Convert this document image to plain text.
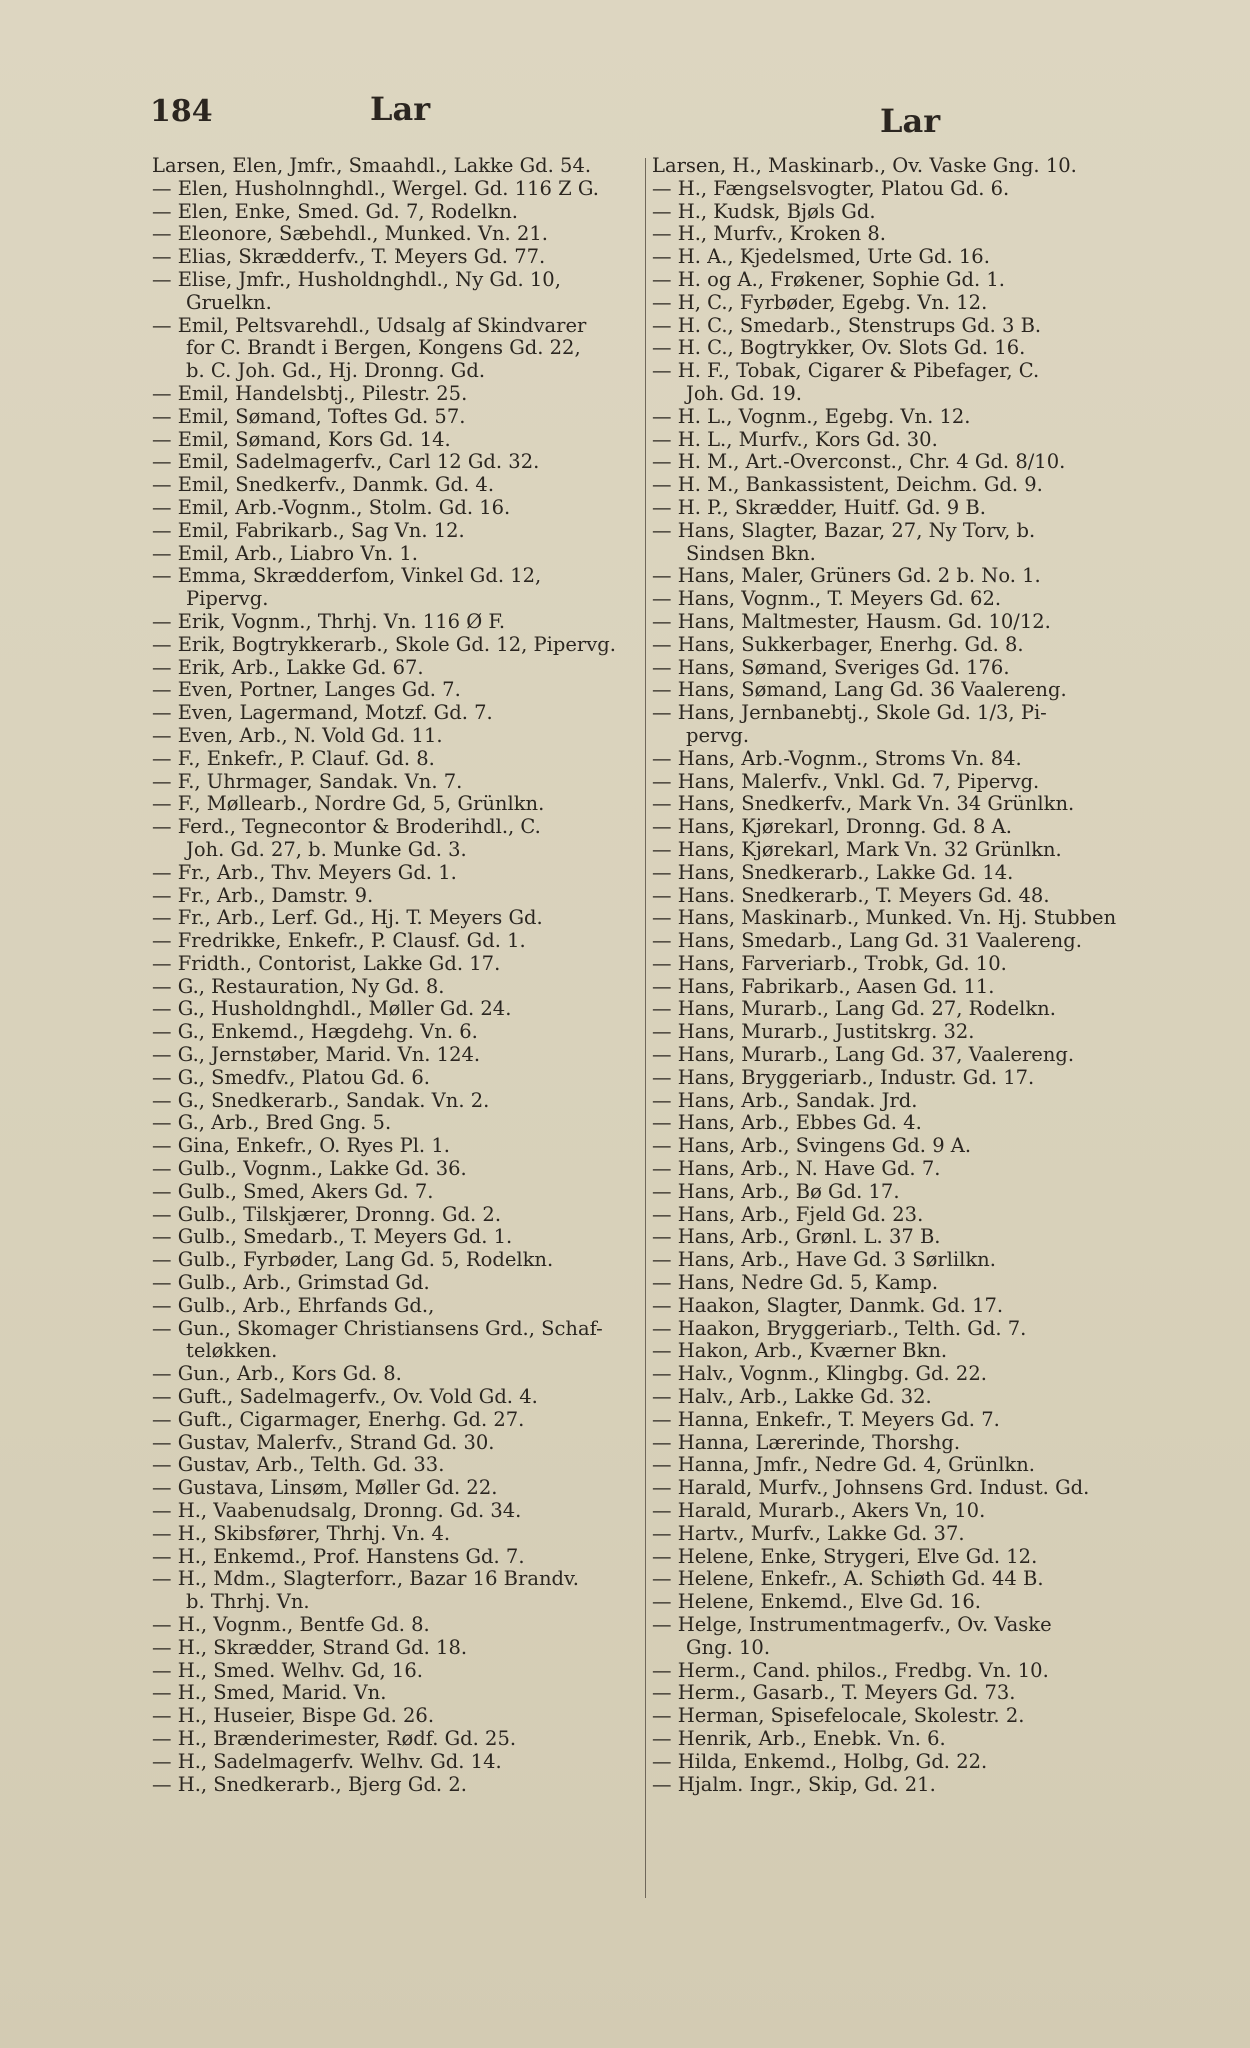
184	Lar	Lar
Larsen, Elen, Jmfr., Smaahdl., Lakke Gd. 54.
— Elen, Husholnnghdl., Wergel. Gd. 116 Z G.
— Elen, Enke, Smed. Gd. 7, Rodelkn.
— Eleonore, Sæbehdl., Munked. Vn. 21.
— Elias, Skrædderfv., T. Meyers Gd. 77.
— Elise, Jmfr., Husholdnghdl., Ny Gd. 10,
Gruelkn.
— Emil, Peltsvarehdl., Udsalg af Skindvarer
for C. Brandt i Bergen, Kongens Gd. 22,
b. C. Joh. Gd., Hj. Dronng. Gd.
— Emil, Handelsbtj., Pilestr. 25.
— Emil, Sømand, Toftes Gd. 57.
— Emil, Sømand, Kors Gd. 14.
— Emil, Sadelmagerfv., Carl 12 Gd. 32.
— Emil, Snedkerfv., Danmk. Gd. 4.
— Emil, Arb.-Vognm., Stolm. Gd. 16.
— Emil, Fabrikarb., Sag Vn. 12.
— Emil, Arb., Liabro Vn. 1.
— Emma, Skrædderfom, Vinkel Gd. 12,
Pipervg.
— Erik, Vognm., Thrhj. Vn. 116 Ø F.
— Erik, Bogtrykkerarb., Skole Gd. 12, Pipervg.
— Erik, Arb., Lakke Gd. 67.
— Even, Portner, Langes Gd. 7.
— Even, Lagermand, Motzf. Gd. 7.
— Even, Arb., N. Vold Gd. 11.
— F., Enkefr., P. Clauf. Gd. 8.
— F., Uhrmager, Sandak. Vn. 7.
— F., Møllearb., Nordre Gd, 5, Grünlkn.
— Ferd., Tegnecontor & Broderihdl., C.
Joh. Gd. 27, b. Munke Gd. 3.
— Fr., Arb., Thv. Meyers Gd. 1.
— Fr., Arb., Damstr. 9.
— Fr., Arb., Lerf. Gd., Hj. T. Meyers Gd.
— Fredrikke, Enkefr., P. Clausf. Gd. 1.
— Fridth., Contorist, Lakke Gd. 17.
— G., Restauration, Ny Gd. 8.
— G., Husholdnghdl., Møller Gd. 24.
— G., Enkemd., Hægdehg. Vn. 6.
— G., Jernstøber, Marid. Vn. 124.
— G., Smedfv., Platou Gd. 6.
— G., Snedkerarb., Sandak. Vn. 2.
— G., Arb., Bred Gng. 5.
— Gina, Enkefr., O. Ryes Pl. 1.
— Gulb., Vognm., Lakke Gd. 36.
— Gulb., Smed, Akers Gd. 7.
— Gulb., Tilskjærer, Dronng. Gd. 2.
— Gulb., Smedarb., T. Meyers Gd. 1.
— Gulb., Fyrbøder, Lang Gd. 5, Rodelkn.
— Gulb., Arb., Grimstad Gd.
— Gulb., Arb., Ehrfands Gd.,
— Gun., Skomager Christiansens Grd., Schaf-
teløkken.
— Gun., Arb., Kors Gd. 8.
— Guft., Sadelmagerfv., Ov. Vold Gd. 4.
— Guft., Cigarmager, Enerhg. Gd. 27.
— Gustav, Malerfv., Strand Gd. 30.
— Gustav, Arb., Telth. Gd. 33.
— Gustava, Linsøm, Møller Gd. 22.
— H., Vaabenudsalg, Dronng. Gd. 34.
— H., Skibsfører, Thrhj. Vn. 4.
— H., Enkemd., Prof. Hanstens Gd. 7.
— H., Mdm., Slagterforr., Bazar 16 Brandv.
b. Thrhj. Vn.
— H., Vognm., Bentfe Gd. 8.
— H., Skrædder, Strand Gd. 18.
— H., Smed. Welhv. Gd, 16.
— H., Smed, Marid. Vn.
— H., Huseier, Bispe Gd. 26.
— H., Brænderimester, Rødf. Gd. 25.
— H., Sadelmagerfv. Welhv. Gd. 14.
— H., Snedkerarb., Bjerg Gd. 2.
Larsen, H., Maskinarb., Ov. Vaske Gng. 10.
— H., Fængselsvogter, Platou Gd. 6.
— H., Kudsk, Bjøls Gd.
— H., Murfv., Kroken 8.
— H. A., Kjedelsmed, Urte Gd. 16.
— H. og A., Frøkener, Sophie Gd. 1.
— H, C., Fyrbøder, Egebg. Vn. 12.
— H. C., Smedarb., Stenstrups Gd. 3 B.
— H. C., Bogtrykker, Ov. Slots Gd. 16.
— H. F., Tobak, Cigarer & Pibefager, C.
Joh. Gd. 19.
— H. L., Vognm., Egebg. Vn. 12.
— H. L., Murfv., Kors Gd. 30.
— H. M., Art.-Overconst., Chr. 4 Gd. 8/10.
— H. M., Bankassistent, Deichm. Gd. 9.
— H. P., Skrædder, Huitf. Gd. 9 B.
— Hans, Slagter, Bazar, 27, Ny Torv, b.
Sindsen Bkn.
— Hans, Maler, Grüners Gd. 2 b. No. 1.
— Hans, Vognm., T. Meyers Gd. 62.
— Hans, Maltmester, Hausm. Gd. 10/12.
— Hans, Sukkerbager, Enerhg. Gd. 8.
— Hans, Sømand, Sveriges Gd. 176.
— Hans, Sømand, Lang Gd. 36 Vaalereng.
— Hans, Jernbanebtj., Skole Gd. 1/3, Pi-
pervg.
— Hans, Arb.-Vognm., Stroms Vn. 84.
— Hans, Malerfv., Vnkl. Gd. 7, Pipervg.
— Hans, Snedkerfv., Mark Vn. 34 Grünlkn.
— Hans, Kjørekarl, Dronng. Gd. 8 A.
— Hans, Kjørekarl, Mark Vn. 32 Grünlkn.
— Hans, Snedkerarb., Lakke Gd. 14.
— Hans. Snedkerarb., T. Meyers Gd. 48.
— Hans, Maskinarb., Munked. Vn. Hj. Stubben
— Hans, Smedarb., Lang Gd. 31 Vaalereng.
— Hans, Farveriarb., Trobk, Gd. 10.
— Hans, Fabrikarb., Aasen Gd. 11.
— Hans, Murarb., Lang Gd. 27, Rodelkn.
— Hans, Murarb., Justitskrg. 32.
— Hans, Murarb., Lang Gd. 37, Vaalereng.
— Hans, Bryggeriarb., Industr. Gd. 17.
— Hans, Arb., Sandak. Jrd.
— Hans, Arb., Ebbes Gd. 4.
— Hans, Arb., Svingens Gd. 9 A.
— Hans, Arb., N. Have Gd. 7.
— Hans, Arb., Bø Gd. 17.
— Hans, Arb., Fjeld Gd. 23.
— Hans, Arb., Grønl. L. 37 B.
— Hans, Arb., Have Gd. 3 Sørlilkn.
— Hans, Nedre Gd. 5, Kamp.
— Haakon, Slagter, Danmk. Gd. 17.
— Haakon, Bryggeriarb., Telth. Gd. 7.
— Hakon, Arb., Kværner Bkn.
— Halv., Vognm., Klingbg. Gd. 22.
— Halv., Arb., Lakke Gd. 32.
— Hanna, Enkefr., T. Meyers Gd. 7.
— Hanna, Lærerinde, Thorshg.
— Hanna, Jmfr., Nedre Gd. 4, Grünlkn.
— Harald, Murfv., Johnsens Grd. Indust. Gd.
— Harald, Murarb., Akers Vn, 10.
— Hartv., Murfv., Lakke Gd. 37.
— Helene, Enke, Strygeri, Elve Gd. 12.
— Helene, Enkefr., A. Schiøth Gd. 44 B.
— Helene, Enkemd., Elve Gd. 16.
— Helge, Instrumentmagerfv., Ov. Vaske
Gng. 10.
— Herm., Cand. philos., Fredbg. Vn. 10.
— Herm., Gasarb., T. Meyers Gd. 73.
— Herman, Spisefelocale, Skolestr. 2.
— Henrik, Arb., Enebk. Vn. 6.
— Hilda, Enkemd., Holbg, Gd. 22.
— Hjalm. Ingr., Skip, Gd. 21.
